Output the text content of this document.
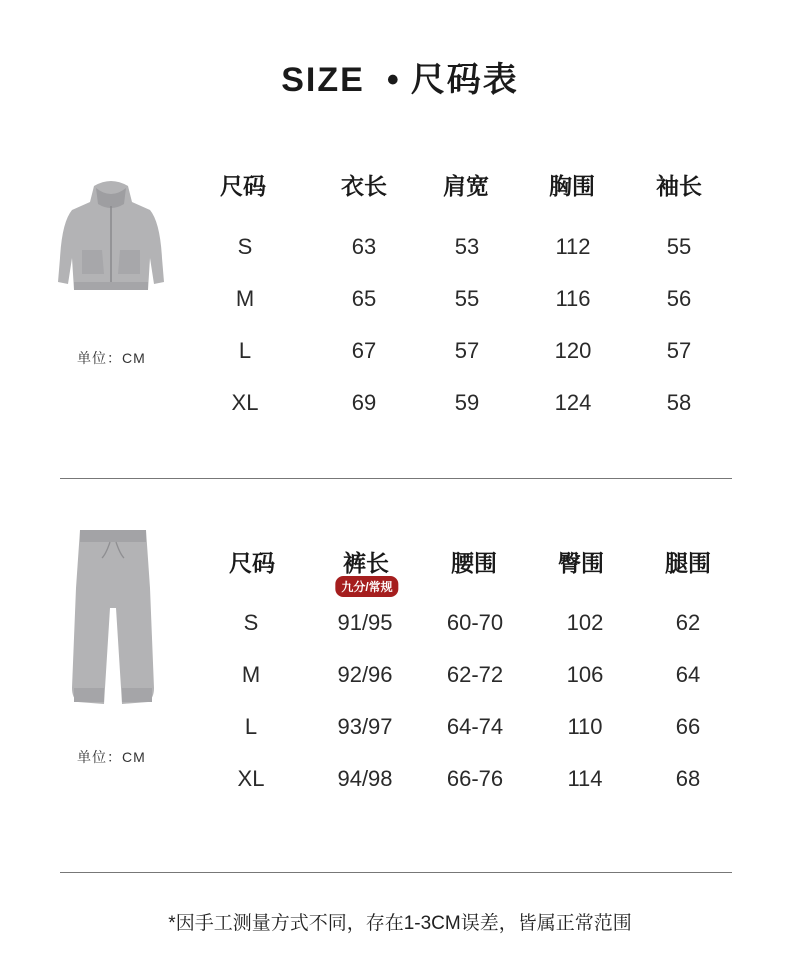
SIZE • 尺码表
单位：CM
尺码	衣长	肩宽	胸围	袖长
S	63	53	112	55
M	65	55	116	56
L	67	57	120	57
XL	69	59	124	58
单位：CM
尺码	裤长	腰围	臀围	腿围
九分/常规
S	91/95	60-70	102	62
M	92/96	62-72	106	64
L	93/97	64-74	110	66
XL	94/98	66-76	114	68
*因手工测量方式不同，存在1-3CM误差，皆属正常范围
